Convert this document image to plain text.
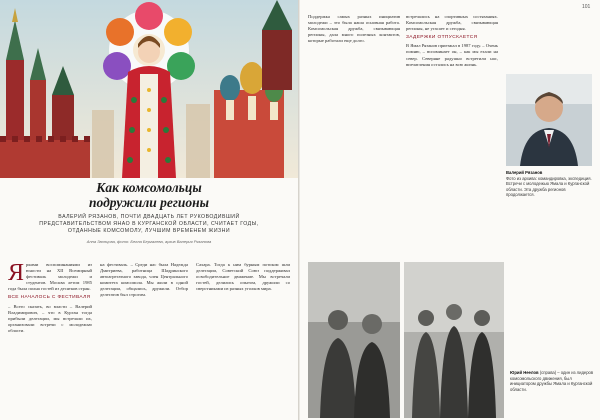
Как комсомольцы
подружили регионы
ВАЛЕРИЙ РЯЗАНОВ, ПОЧТИ ДВАДЦАТЬ ЛЕТ РУКОВОДИВШИЙ ПРЕДСТАВИТЕЛЬСТВОМ ЯНАО В КУРГАНСКОЙ ОБЛАСТИ, СЧИТАЕТ ГОДЫ, ОТДАННЫЕ КОМСОМОЛУ, ЛУЧШИМ ВРЕМЕНЕМ ЖИЗНИ
Анна Звонцова, фото: Белла Бергалева, архив Валерия Рязанова
Я ркими воспоминаниями из юности на XII Всемирный фестиваль молодежи и студентов. Москва летом 1985 года была полна гостей из десятков стран.

ВСЕ НАЧАЛОСЬ С ФЕСТИВАЛЯ

– Всего сказать, во власти – Валерий Владимирович, – что в Курган тогда прибыли делегации, мы встречали их, организовали встречи с молодежью области.

на фестиваль. – Среди нас была Надежда Дмитриева, работница Шадринского автоагрегатного завода, член Центрального комитета комсомола. Мы жили в одной делегации, общались, дружили. Отбор делегатов был строгим.

Сахара. Тогда к ним бурным потоком шли делегации, Советский Союз поддерживал освободительное движение. Мы встречали гостей, делились опытом, дружили со сверстниками из разных уголков мира.

101

Поддержка самых разных инициатив молодежи – это была наша основная работа. Комсомольская дружба, связывающая регионы, дала много полезных контактов, которые работали еще долго.

встречались на спортивных состязаниях. Комсомольская дружба, связывающая регионы, не угасает и сегодня.

ЗАДЕРЖКИ ОТПУСКАЕТСЯ

В Ямал Рязанов приезжал в 1987 году. – Очень помню, – вспоминает он, – как мы ехали на север. Северяне радушно встретили нас, впечатления остались на всю жизнь.

Валерий Рязанов
Фото из архива: командировка, экспедиция. Встречи с молодежью Ямала и Курганской области. Эта дружба регионов продолжается.
Юрий Неелов (справа) – один из лидеров комсомольского движения, был инициатором дружбы Ямала и Курганской области.
